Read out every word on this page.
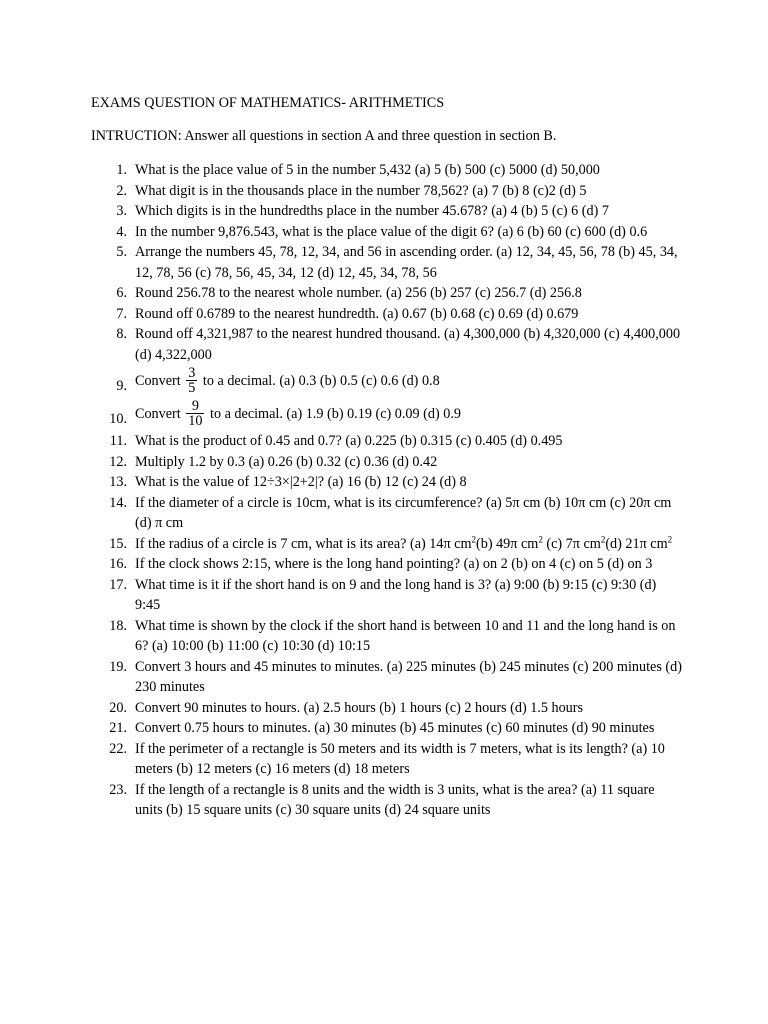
EXAMS QUESTION OF MATHEMATICS- ARITHMETICS

INTRUCTION: Answer all questions in section A and three question in section B.

1. What is the place value of 5 in the number 5,432 (a) 5 (b) 500 (c) 5000 (d) 50,000
2. What digit is in the thousands place in the number 78,562? (a) 7 (b) 8 (c)2 (d) 5
3. Which digits is in the hundredths place in the number 45.678? (a) 4 (b) 5 (c) 6 (d) 7
4. In the number 9,876.543, what is the place value of the digit 6? (a) 6 (b) 60 (c) 600 (d) 0.6
5. Arrange the numbers 45, 78, 12, 34, and 56 in ascending order. (a) 12, 34, 45, 56, 78 (b) 45, 34, 12, 78, 56 (c) 78, 56, 45, 34, 12 (d) 12, 45, 34, 78, 56
6. Round 256.78 to the nearest whole number. (a) 256 (b) 257 (c) 256.7 (d) 256.8
7. Round off 0.6789 to the nearest hundredth. (a) 0.67 (b) 0.68 (c) 0.69 (d) 0.679
8. Round off 4,321,987 to the nearest hundred thousand. (a) 4,300,000 (b) 4,320,000 (c) 4,400,000 (d) 4,322,000
9. Convert $\frac{3}{5}$ to a decimal. (a) 0.3 (b) 0.5 (c) 0.6 (d) 0.8
10. Convert $\frac{9}{10}$ to a decimal. (a) 1.9 (b) 0.19 (c) 0.09 (d) 0.9
11. What is the product of 0.45 and 0.7? (a) 0.225 (b) 0.315 (c) 0.405 (d) 0.495
12. Multiply 1.2 by 0.3 (a) 0.26 (b) 0.32 (c) 0.36 (d) 0.42
13. What is the value of 12÷3×|2+2|? (a) 16 (b) 12 (c) 24 (d) 8
14. If the diameter of a circle is 10cm, what is its circumference? (a) 5π cm (b) 10π cm (c) 20π cm (d) π cm
15. If the radius of a circle is 7 cm, what is its area? (a) 14π $cm^2(b)$ 49π $cm^2$ (c) 7π $cm^2(d)$ 21π $cm^2$
16. If the clock shows 2:15, where is the long hand pointing? (a) on 2 (b) on 4 (c) on 5 (d) on 3
17. What time is it if the short hand is on 9 and the long hand is 3? (a) 9:00 (b) 9:15 (c) 9:30 (d) 9:45
18. What time is shown by the clock if the short hand is between 10 and 11 and the long hand is on 6? (a) 10:00 (b) 11:00 (c) 10:30 (d) 10:15
19. Convert 3 hours and 45 minutes to minutes. (a) 225 minutes (b) 245 minutes (c) 200 minutes (d) 230 minutes
20. Convert 90 minutes to hours. (a) 2.5 hours (b) 1 hours (c) 2 hours (d) 1.5 hours
21. Convert 0.75 hours to minutes. (a) 30 minutes (b) 45 minutes (c) 60 minutes (d) 90 minutes
22. If the perimeter of a rectangle is 50 meters and its width is 7 meters, what is its length? (a) 10 meters (b) 12 meters (c) 16 meters (d) 18 meters
23. If the length of a rectangle is 8 units and the width is 3 units, what is the area? (a) 11 square units (b) 15 square units (c) 30 square units (d) 24 square units
